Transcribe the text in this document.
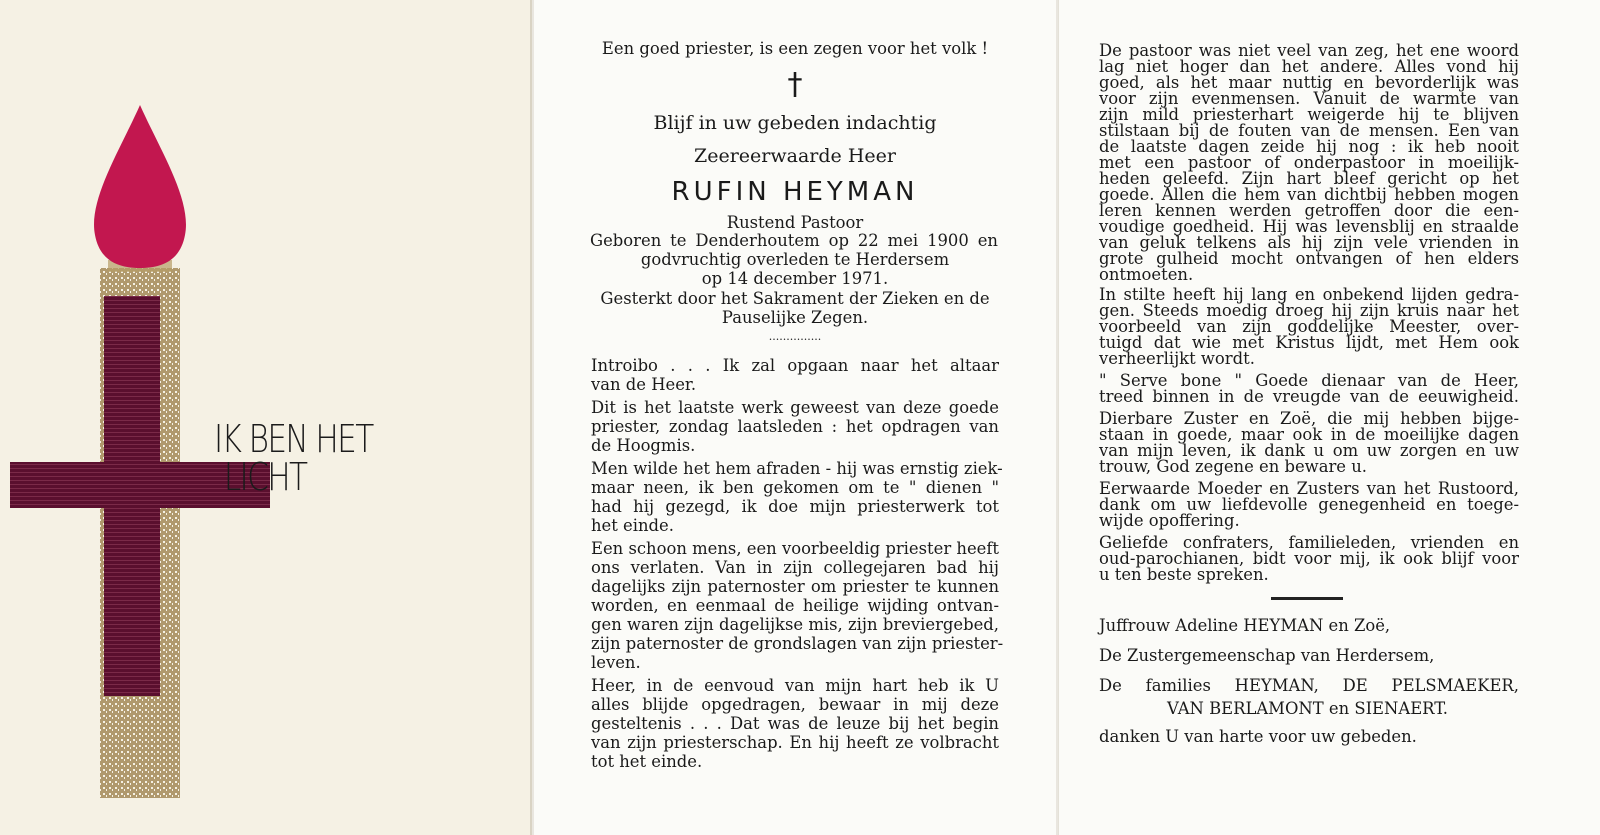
IK BEN HET
LICHT
Een goed priester, is een zegen voor het volk !
†
Blijf in uw gebeden indachtig
Zeereerwaarde Heer
RUFIN HEYMAN
Rustend Pastoor
Geboren te Denderhoutem op 22 mei 1900 en
godvruchtig overleden te Herdersem
op 14 december 1971.
Gesterkt door het Sakrament der Zieken en de
Pauselijke Zegen.
...............
Introibo . . . Ik zal opgaan naar het altaar
van de Heer.
Dit is het laatste werk geweest van deze goede
priester, zondag laatsleden : het opdragen van
de Hoogmis.
Men wilde het hem afraden - hij was ernstig ziek-
maar neen, ik ben gekomen om te " dienen "
had hij gezegd, ik doe mijn priesterwerk tot
het einde.
Een schoon mens, een voorbeeldig priester heeft
ons verlaten. Van in zijn collegejaren bad hij
dagelijks zijn paternoster om priester te kunnen
worden, en eenmaal de heilige wijding ontvan-
gen waren zijn dagelijkse mis, zijn breviergebed,
zijn paternoster de grondslagen van zijn priester-
leven.
Heer, in de eenvoud van mijn hart heb ik U
alles blijde opgedragen, bewaar in mij deze
gesteltenis . . . Dat was de leuze bij het begin
van zijn priesterschap. En hij heeft ze volbracht
tot het einde.
De pastoor was niet veel van zeg, het ene woord
lag niet hoger dan het andere. Alles vond hij
goed, als het maar nuttig en bevorderlijk was
voor zijn evenmensen. Vanuit de warmte van
zijn mild priesterhart weigerde hij te blijven
stilstaan bij de fouten van de mensen. Een van
de laatste dagen zeide hij nog : ik heb nooit
met een pastoor of onderpastoor in moeilijk-
heden geleefd. Zijn hart bleef gericht op het
goede. Allen die hem van dichtbij hebben mogen
leren kennen werden getroffen door die een-
voudige goedheid. Hij was levensblij en straalde
van geluk telkens als hij zijn vele vrienden in
grote gulheid mocht ontvangen of hen elders
ontmoeten.
In stilte heeft hij lang en onbekend lijden gedra-
gen. Steeds moedig droeg hij zijn kruis naar het
voorbeeld van zijn goddelijke Meester, over-
tuigd dat wie met Kristus lijdt, met Hem ook
verheerlijkt wordt.
" Serve bone " Goede dienaar van de Heer,
treed binnen in de vreugde van de eeuwigheid.
Dierbare Zuster en Zoë, die mij hebben bijge-
staan in goede, maar ook in de moeilijke dagen
van mijn leven, ik dank u om uw zorgen en uw
trouw, God zegene en beware u.
Eerwaarde Moeder en Zusters van het Rustoord,
dank om uw liefdevolle genegenheid en toege-
wijde opoffering.
Geliefde confraters, familieleden, vrienden en
oud-parochianen, bidt voor mij, ik ook blijf voor
u ten beste spreken.
Juffrouw Adeline HEYMAN en Zoë,
De Zustergemeenschap van Herdersem,
De families HEYMAN, DE PELSMAEKER,
VAN BERLAMONT en SIENAERT.
danken U van harte voor uw gebeden.
